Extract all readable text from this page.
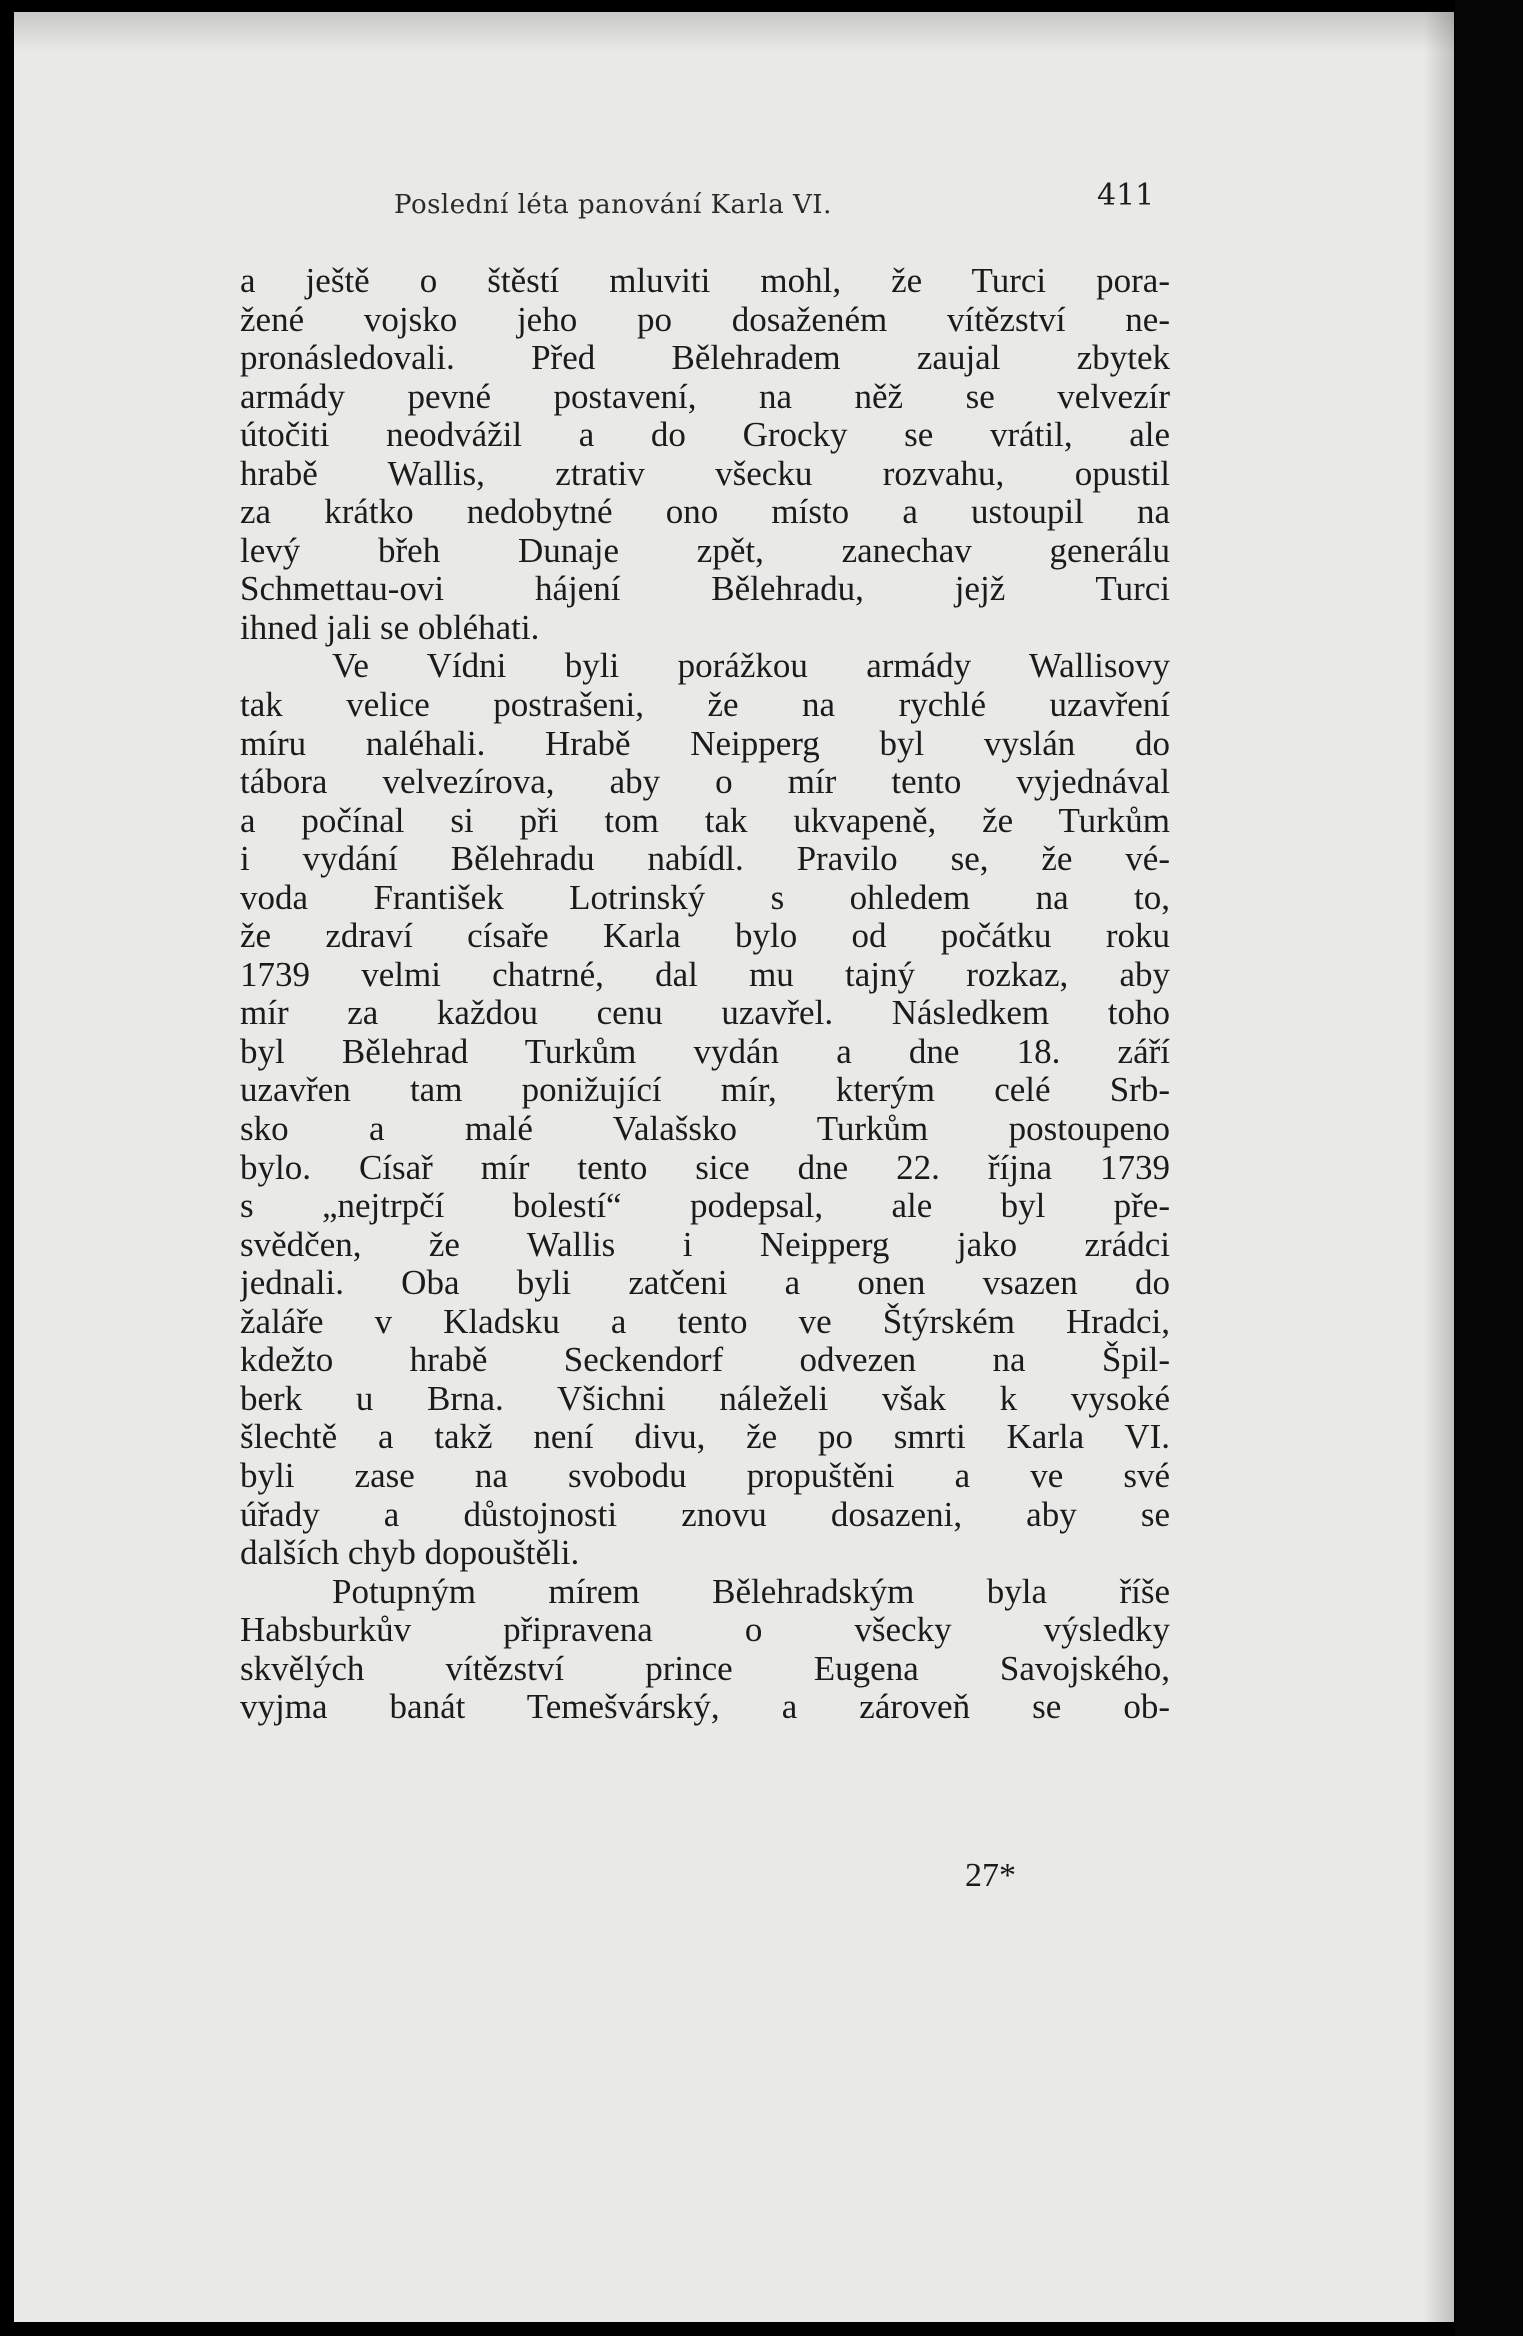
Poslední léta panování Karla VI.	411
a ještě o štěstí mluviti mohl, že Turci pora-
žené vojsko jeho po dosaženém vítězství ne-
pronásledovali. Před Bělehradem zaujal zbytek
armády pevné postavení, na něž se velvezír
útočiti neodvážil a do Grocky se vrátil, ale
hrabě Wallis, ztrativ všecku rozvahu, opustil
za krátko nedobytné ono místo a ustoupil na
levý břeh Dunaje zpět, zanechav generálu
Schmettau-ovi hájení Bělehradu, jejž Turci
ihned jali se obléhati.
Ve Vídni byli porážkou armády Wallisovy
tak velice postrašeni, že na rychlé uzavření
míru naléhali. Hrabě Neipperg byl vyslán do
tábora velvezírova, aby o mír tento vyjednával
a počínal si při tom tak ukvapeně, že Turkům
i vydání Bělehradu nabídl. Pravilo se, že vé-
voda František Lotrinský s ohledem na to,
že zdraví císaře Karla bylo od počátku roku
1739 velmi chatrné, dal mu tajný rozkaz, aby
mír za každou cenu uzavřel. Následkem toho
byl Bělehrad Turkům vydán a dne 18. září
uzavřen tam ponižující mír, kterým celé Srb-
sko a malé Valašsko Turkům postoupeno
bylo. Císař mír tento sice dne 22. října 1739
s „nejtrpčí bolestí“ podepsal, ale byl pře-
svědčen, že Wallis i Neipperg jako zrádci
jednali. Oba byli zatčeni a onen vsazen do
žaláře v Kladsku a tento ve Štýrském Hradci,
kdežto hrabě Seckendorf odvezen na Špil-
berk u Brna. Všichni náleželi však k vysoké
šlechtě a takž není divu, že po smrti Karla VI.
byli zase na svobodu propuštěni a ve své
úřady a důstojnosti znovu dosazeni, aby se
dalších chyb dopouštěli.
Potupným mírem Bělehradským byla říše
Habsburkův připravena o všecky výsledky
skvělých vítězství prince Eugena Savojského,
vyjma banát Temešvárský, a zároveň se ob-
27*
